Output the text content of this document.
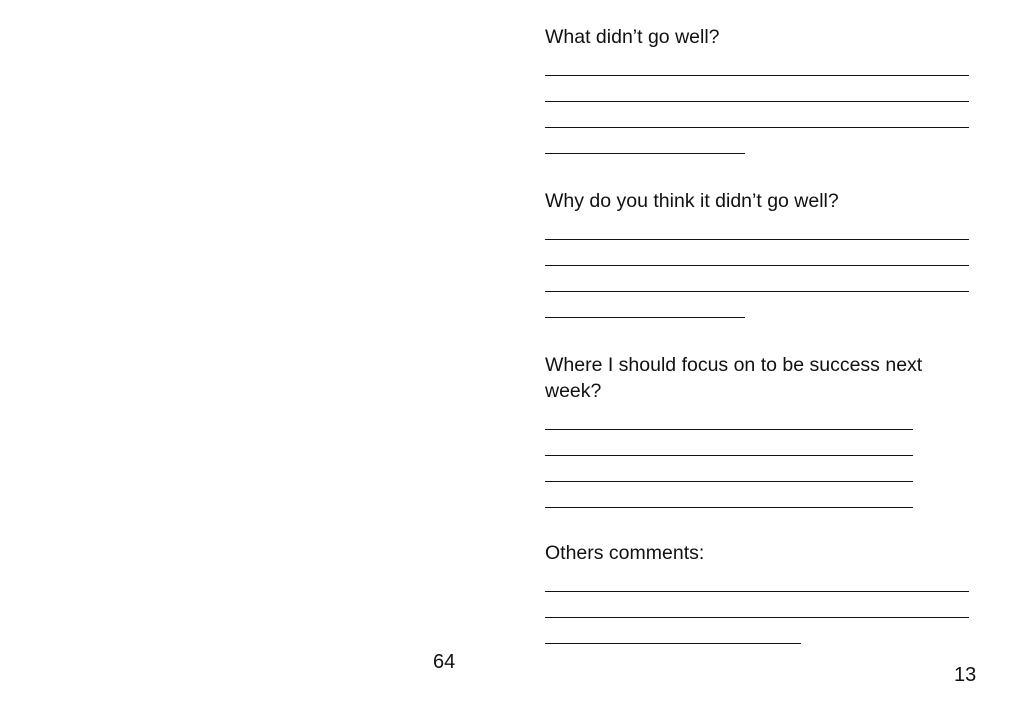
64

What didn’t go well?

Why do you think it didn’t go well?

Where I should focus on to be success next week?

Others comments:

13
